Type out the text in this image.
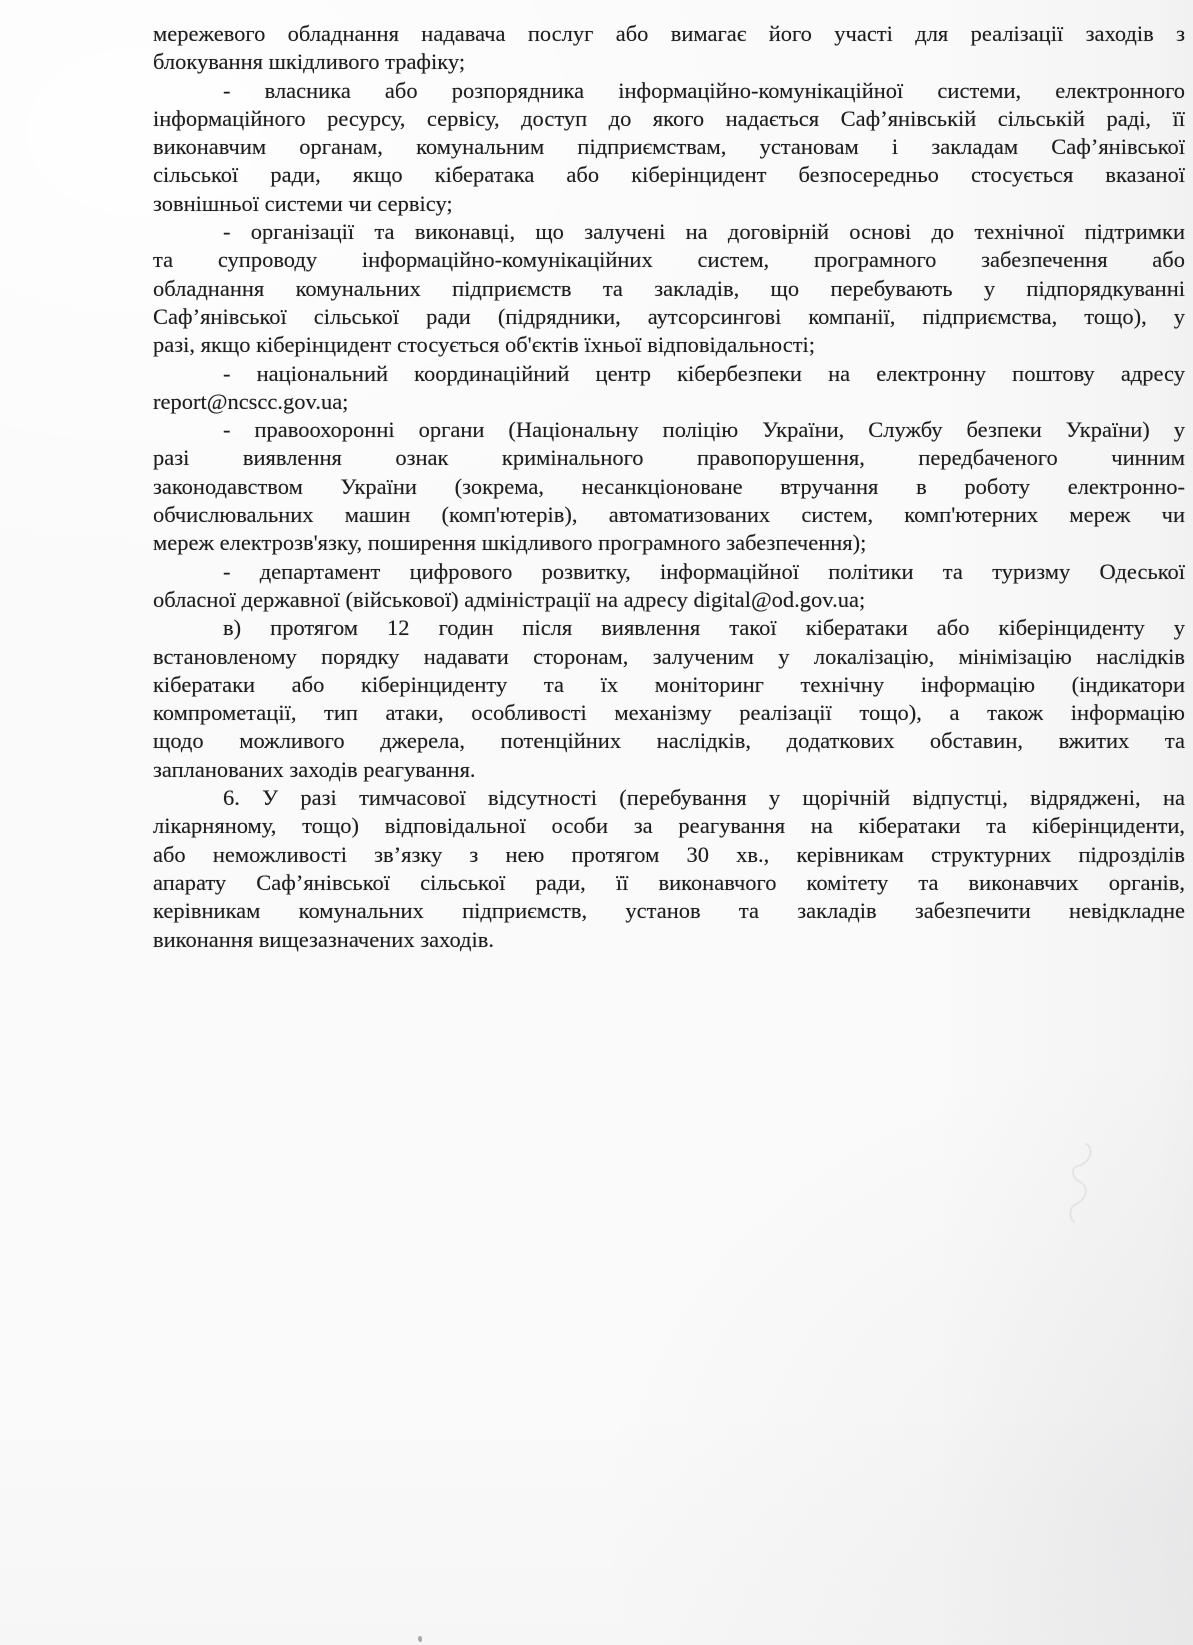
мережевого обладнання надавача послуг або вимагає його участі для реалізації заходів з
блокування шкідливого трафіку;
- власника або розпорядника інформаційно-комунікаційної системи, електронного
інформаційного ресурсу, сервісу, доступ до якого надається Саф’янівській сільській раді, її
виконавчим органам, комунальним підприємствам, установам і закладам Саф’янівської
сільської ради, якщо кібератака або кіберінцидент безпосередньо стосується вказаної
зовнішньої системи чи сервісу;
- організації та виконавці, що залучені на договірній основі до технічної підтримки
та супроводу інформаційно-комунікаційних систем, програмного забезпечення або
обладнання комунальних підприємств та закладів, що перебувають у підпорядкуванні
Саф’янівської сільської ради (підрядники, аутсорсингові компанії, підприємства, тощо), у
разі, якщо кіберінцидент стосується об'єктів їхньої відповідальності;
- національний координаційний центр кібербезпеки на електронну поштову адресу
report@ncscc.gov.ua;
- правоохоронні органи (Національну поліцію України, Службу безпеки України) у
разі виявлення ознак кримінального правопорушення, передбаченого чинним
законодавством України (зокрема, несанкціоноване втручання в роботу електронно-
обчислювальних машин (комп'ютерів), автоматизованих систем, комп'ютерних мереж чи
мереж електрозв'язку, поширення шкідливого програмного забезпечення);
- департамент цифрового розвитку, інформаційної політики та туризму Одеської
обласної державної (військової) адміністрації на адресу digital@od.gov.ua;
в) протягом 12 годин після виявлення такої кібератаки або кіберінциденту у
встановленому порядку надавати сторонам, залученим у локалізацію, мінімізацію наслідків
кібератаки або кіберінциденту та їх моніторинг технічну інформацію (індикатори
компрометації, тип атаки, особливості механізму реалізації тощо), а також інформацію
щодо можливого джерела, потенційних наслідків, додаткових обставин, вжитих та
запланованих заходів реагування.
6. У разі тимчасової відсутності (перебування у щорічній відпустці, відряджені, на
лікарняному, тощо) відповідальної особи за реагування на кібератаки та кіберінциденти,
або неможливості зв’язку з нею протягом 30 хв., керівникам структурних підрозділів
апарату Саф’янівської сільської ради, її виконавчого комітету та виконавчих органів,
керівникам комунальних підприємств, установ та закладів забезпечити невідкладне
виконання вищезазначених заходів.
